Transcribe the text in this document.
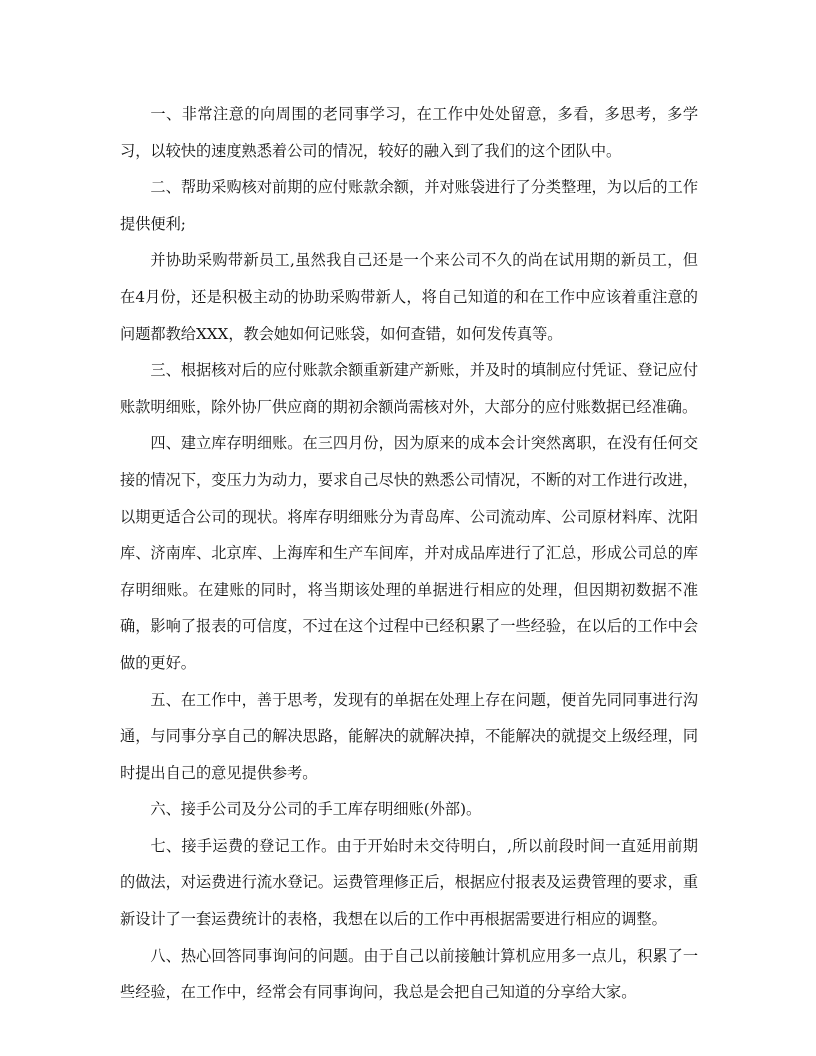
一、非常注意的向周围的老同事学习，在工作中处处留意，多看，多思考，多学习，以较快的速度熟悉着公司的情况，较好的融入到了我们的这个团队中。

二、帮助采购核对前期的应付账款余额，并对账袋进行了分类整理，为以后的工作提供便利;

并协助采购带新员工,虽然我自己还是一个来公司不久的尚在试用期的新员工，但在4月份，还是积极主动的协助采购带新人，将自己知道的和在工作中应该着重注意的问题都教给XXX，教会她如何记账袋，如何查错，如何发传真等。

三、根据核对后的应付账款余额重新建产新账，并及时的填制应付凭证、登记应付账款明细账，除外协厂供应商的期初余额尚需核对外，大部分的应付账数据已经准确。

四、建立库存明细账。在三四月份，因为原来的成本会计突然离职，在没有任何交接的情况下，变压力为动力，要求自己尽快的熟悉公司情况，不断的对工作进行改进，以期更适合公司的现状。将库存明细账分为青岛库、公司流动库、公司原材料库、沈阳库、济南库、北京库、上海库和生产车间库，并对成品库进行了汇总，形成公司总的库存明细账。在建账的同时，将当期该处理的单据进行相应的处理，但因期初数据不准确，影响了报表的可信度，不过在这个过程中已经积累了一些经验，在以后的工作中会做的更好。

五、在工作中，善于思考，发现有的单据在处理上存在问题，便首先同同事进行沟通，与同事分享自己的解决思路，能解决的就解决掉，不能解决的就提交上级经理，同时提出自己的意见提供参考。

六、接手公司及分公司的手工库存明细账(外部)。

七、接手运费的登记工作。由于开始时未交待明白，,所以前段时间一直延用前期的做法，对运费进行流水登记。运费管理修正后，根据应付报表及运费管理的要求，重新设计了一套运费统计的表格，我想在以后的工作中再根据需要进行相应的调整。

八、热心回答同事询问的问题。由于自己以前接触计算机应用多一点儿，积累了一些经验，在工作中，经常会有同事询问，我总是会把自己知道的分享给大家。
